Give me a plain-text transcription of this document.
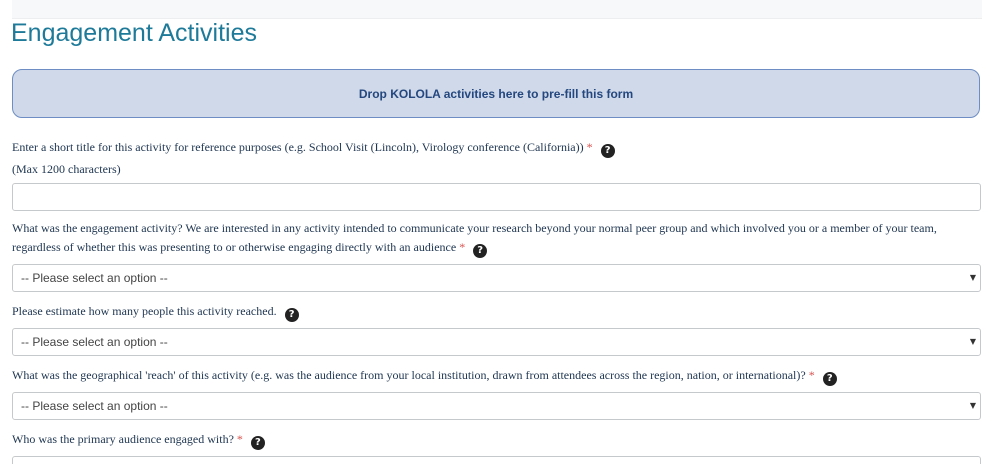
Engagement Activities
Drop KOLOLA activities here to pre-fill this form
Enter a short title for this activity for reference purposes (e.g. School Visit (Lincoln), Virology conference (California)) * ?
(Max 1200 characters)
What was the engagement activity? We are interested in any activity intended to communicate your research beyond your normal peer group and which involved you or a member of your team,
regardless of whether this was presenting to or otherwise engaging directly with an audience * ?
-- Please select an option --	▼
Please estimate how many people this activity reached. ?
-- Please select an option --	▼
What was the geographical 'reach' of this activity (e.g. was the audience from your local institution, drawn from attendees across the region, nation, or international)? * ?
-- Please select an option --	▼
Who was the primary audience engaged with? * ?
